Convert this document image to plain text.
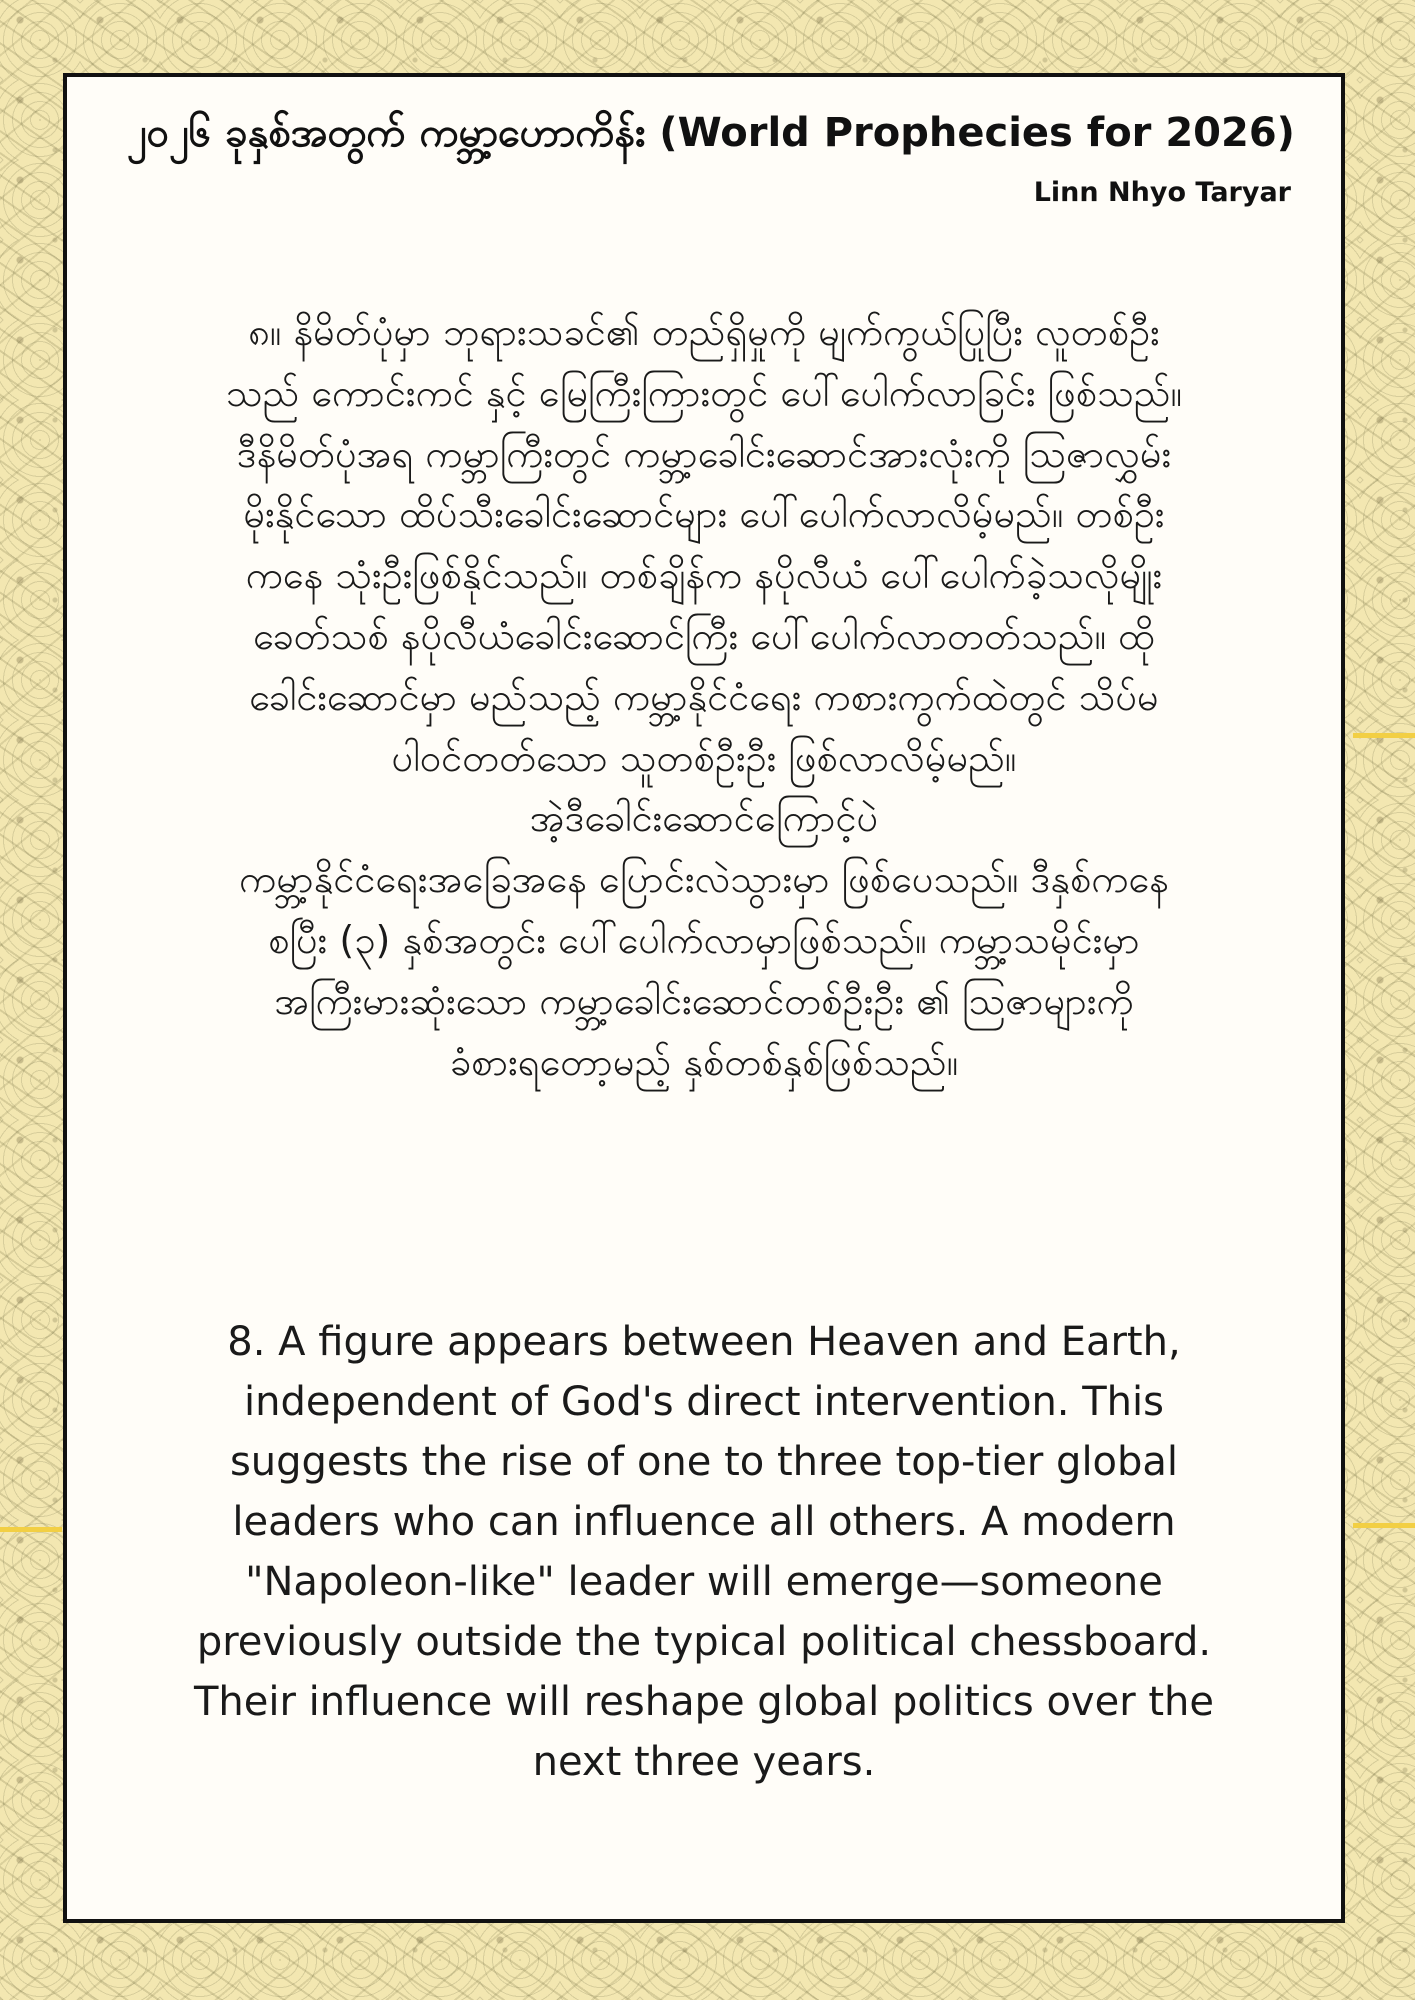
၂၀၂၆ ခုနှစ်အတွက် ကမ္ဘာ့ဟောကိန်း (World Prophecies for 2026)
Linn Nhyo Taryar
၈။ နိမိတ်ပုံမှာ ဘုရားသခင်၏ တည်ရှိမှုကို မျက်ကွယ်ပြုပြီး လူတစ်ဦး
သည် ကောင်းကင် နှင့် မြေကြီးကြားတွင် ပေါ်ပေါက်လာခြင်း ဖြစ်သည်။
ဒီနိမိတ်ပုံအရ ကမ္ဘာကြီးတွင် ကမ္ဘာ့ခေါင်းဆောင်အားလုံးကို ဩဇာလွှမ်း
မိုးနိုင်သော ထိပ်သီးခေါင်းဆောင်များ ပေါ်ပေါက်လာလိမ့်မည်။ တစ်ဦး
ကနေ သုံးဦးဖြစ်နိုင်သည်။ တစ်ချိန်က နပိုလီယံ ပေါ်ပေါက်ခဲ့သလိုမျိုး
ခေတ်သစ် နပိုလီယံခေါင်းဆောင်ကြီး ပေါ်ပေါက်လာတတ်သည်။ ထို
ခေါင်းဆောင်မှာ မည်သည့် ကမ္ဘာ့နိုင်ငံရေး ကစားကွက်ထဲတွင် သိပ်မ
ပါဝင်တတ်သော သူတစ်ဦးဦး ဖြစ်လာလိမ့်မည်။
အဲ့ဒီခေါင်းဆောင်ကြောင့်ပဲ
ကမ္ဘာ့နိုင်ငံရေးအခြေအနေ ပြောင်းလဲသွားမှာ ဖြစ်ပေသည်။ ဒီနှစ်ကနေ
စပြီး (၃) နှစ်အတွင်း ပေါ်ပေါက်လာမှာဖြစ်သည်။ ကမ္ဘာ့သမိုင်းမှာ
အကြီးမားဆုံးသော ကမ္ဘာ့ခေါင်းဆောင်တစ်ဦးဦး ၏ ဩဇာများကို
ခံစားရတော့မည့် နှစ်တစ်နှစ်ဖြစ်သည်။
8. A figure appears between Heaven and Earth,
independent of God's direct intervention. This
suggests the rise of one to three top-tier global
leaders who can influence all others. A modern
"Napoleon-like" leader will emerge—someone
previously outside the typical political chessboard.
Their influence will reshape global politics over the
next three years.
